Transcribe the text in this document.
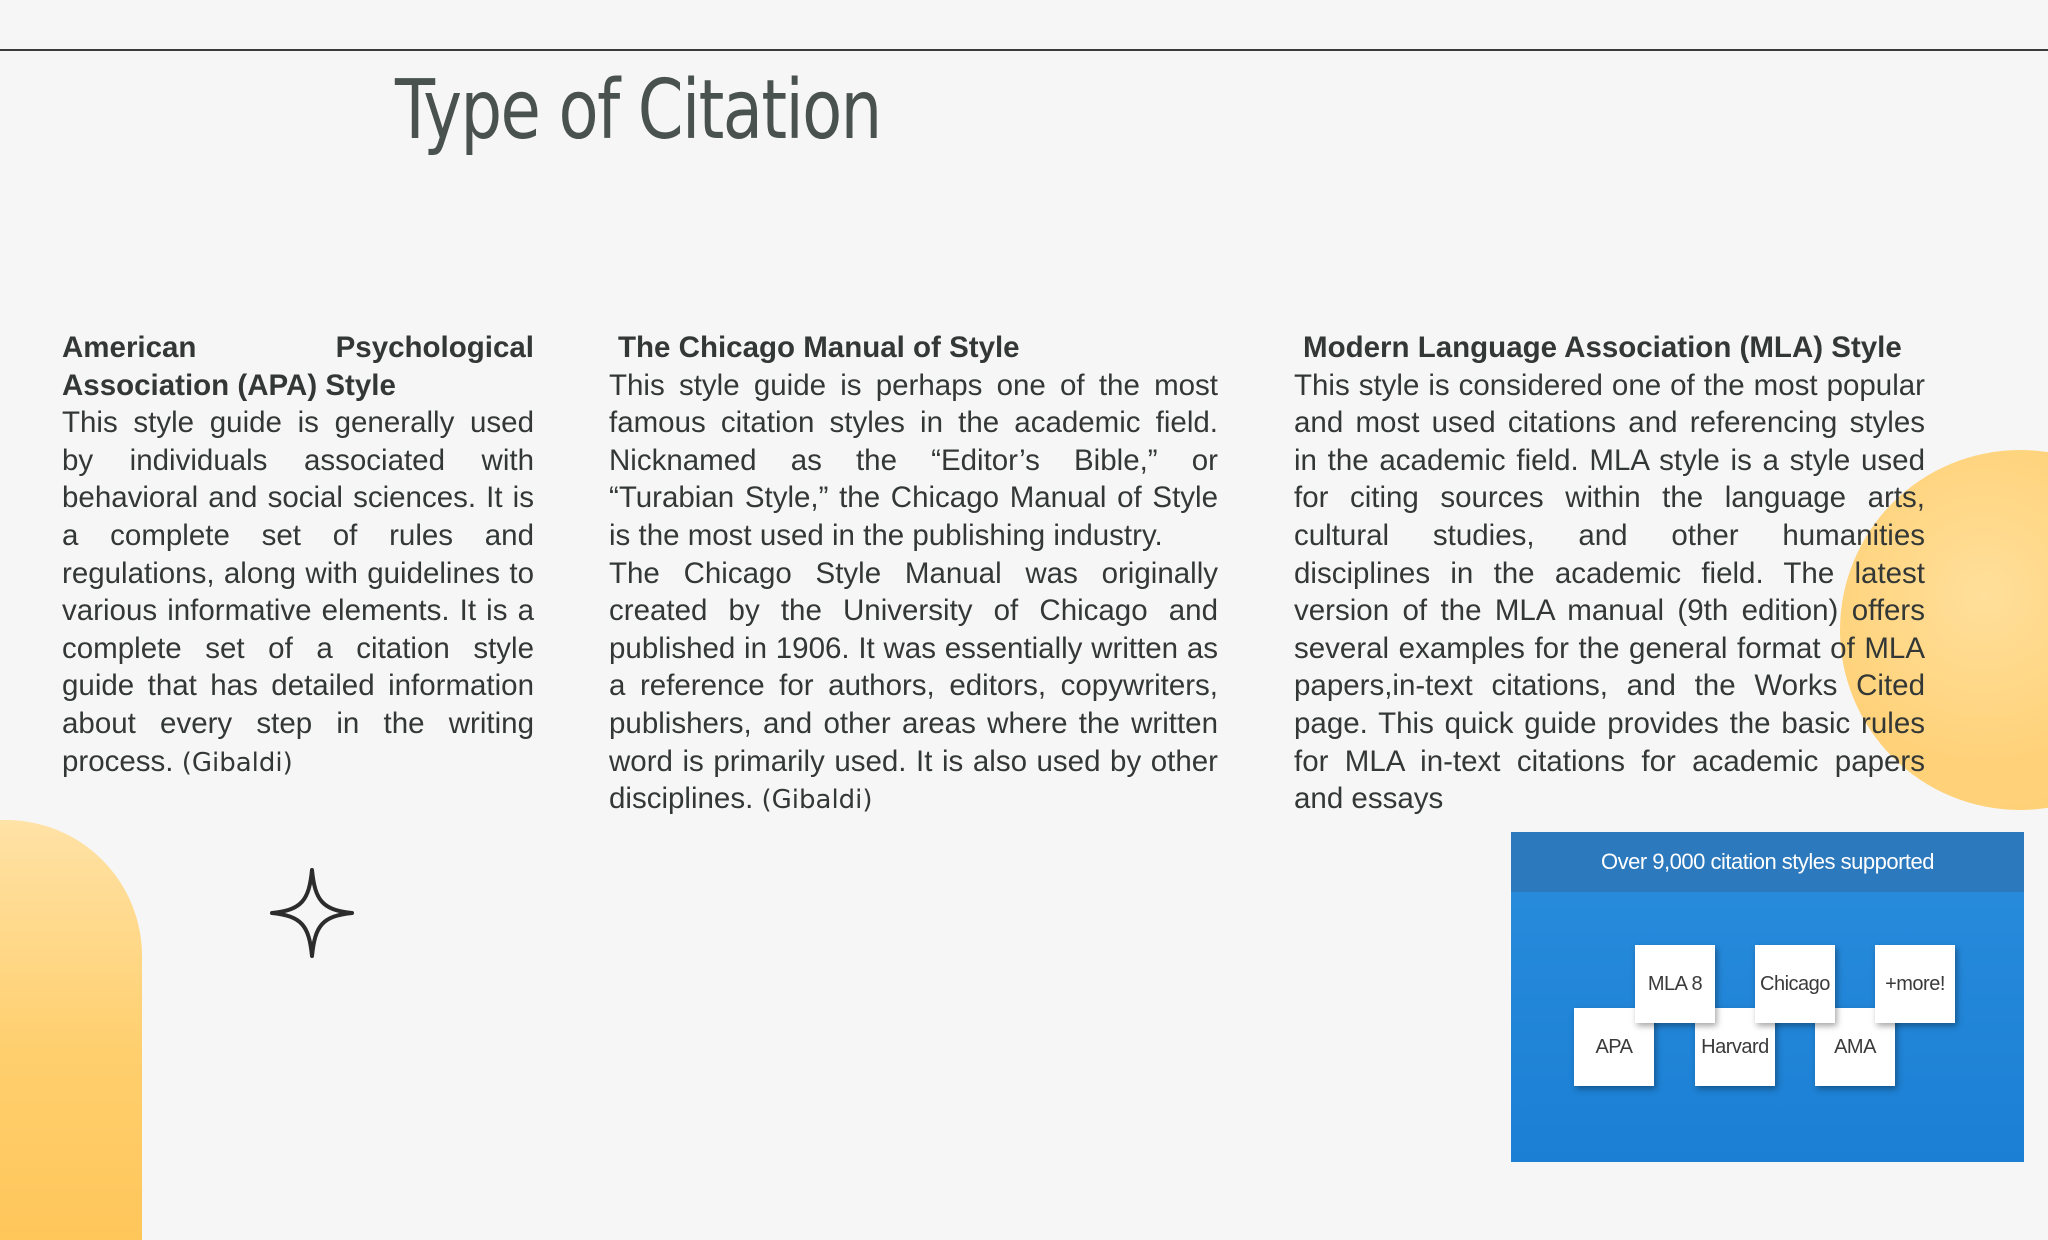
Type of Citation

American Psychological Association (APA) Style

This style guide is generally used by individuals associated with behavioral and social sciences. It is a complete set of rules and regulations, along with guidelines to various informative elements. It is a complete set of a citation style guide that has detailed information about every step in the writing process. (Gibaldi)

The Chicago Manual of Style

This style guide is perhaps one of the most famous citation styles in the academic field. Nicknamed as the “Editor’s Bible,” or “Turabian Style,” the Chicago Manual of Style is the most used in the publishing industry.

The Chicago Style Manual was originally created by the University of Chicago and published in 1906. It was essentially written as a reference for authors, editors, copywriters, publishers, and other areas where the written word is primarily used. It is also used by other disciplines. (Gibaldi)

Modern Language Association (MLA) Style

This style is considered one of the most popular and most used citations and referencing styles in the academic field. MLA style is a style used for citing sources within the language arts, cultural studies, and other humanities disciplines in the academic field. The latest version of the MLA manual (9th edition) offers several examples for the general format of MLA papers,in-text citations, and the Works Cited page. This quick guide provides the basic rules for MLA in-text citations for academic papers and essays

Over 9,000 citation styles supported
APA	Harvard	AMA
MLA 8	Chicago	+more!
